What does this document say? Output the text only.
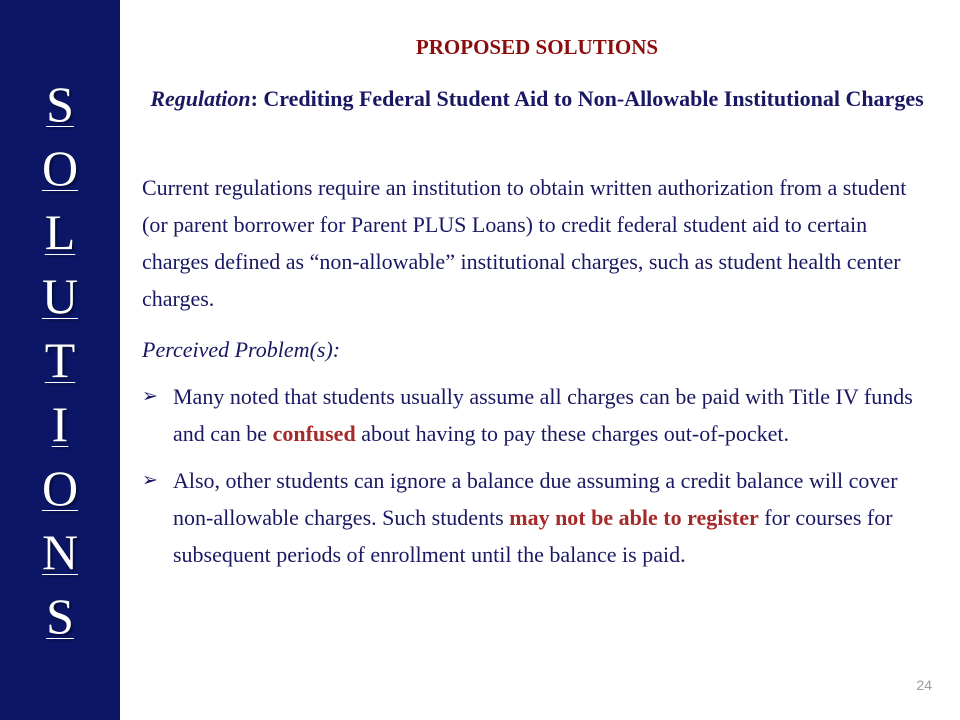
S
O
L
U
T
I
O
N
S
PROPOSED SOLUTIONS
Regulation: Crediting Federal Student Aid to Non-Allowable Institutional Charges

Current regulations require an institution to obtain written authorization from a student (or parent borrower for Parent PLUS Loans) to credit federal student aid to certain charges defined as “non-allowable” institutional charges, such as student health center charges.

Perceived Problem(s):

➢ Many noted that students usually assume all charges can be paid with Title IV funds and can be confused about having to pay these charges out-of-pocket.
➢ Also, other students can ignore a balance due assuming a credit balance will cover non-allowable charges. Such students may not be able to register for courses for subsequent periods of enrollment until the balance is paid.
24
